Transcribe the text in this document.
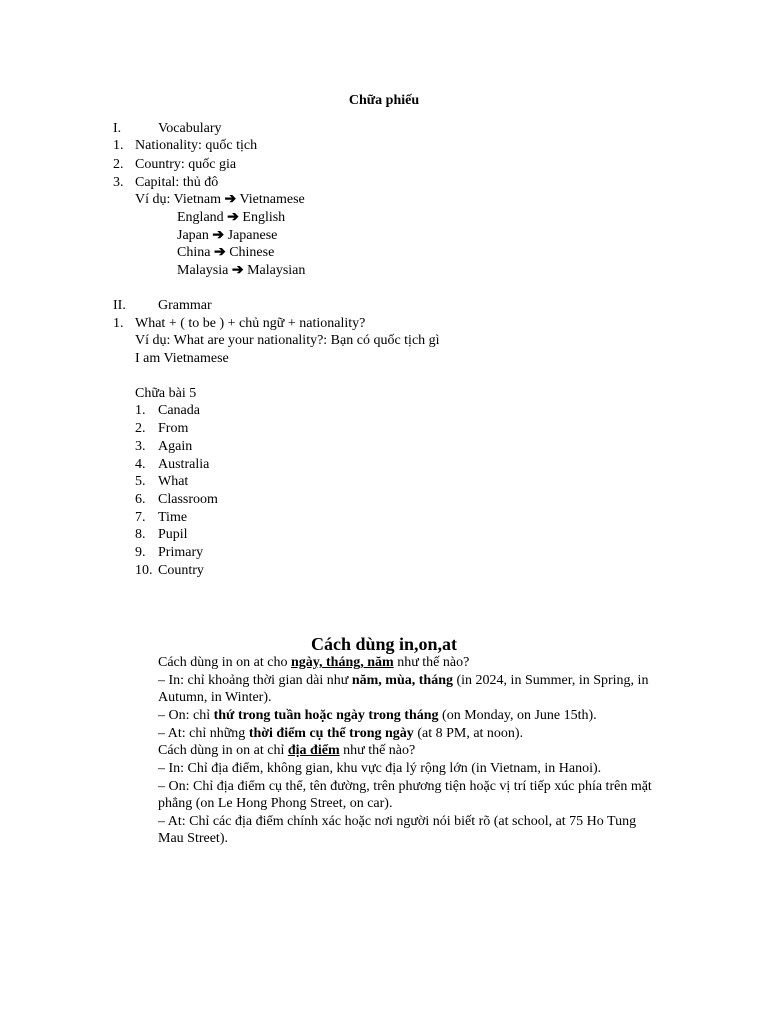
Chữa phiếu
I.	Vocabulary
1. Nationality: quốc tịch
2. Country: quốc gia
3. Capital: thủ đô
Ví dụ: Vietnam ➔ Vietnamese
England ➔ English
Japan ➔ Japanese
China ➔ Chinese
Malaysia ➔ Malaysian
II. Grammar
1. What + ( to be ) + chủ ngữ + nationality?
Ví dụ: What are your nationality?: Bạn có quốc tịch gì
I am Vietnamese
Chữa bài 5
1. Canada
2. From
3. Again
4. Australia
5. What
6. Classroom
7. Time
8. Pupil
9. Primary
10. Country
Cách dùng in,on,at
Cách dùng in on at cho ngày, tháng, năm như thế nào?
– In: chỉ khoảng thời gian dài như năm, mùa, tháng (in 2024, in Summer, in Spring, in Autumn, in Winter).
– On: chỉ thứ trong tuần hoặc ngày trong tháng (on Monday, on June 15th).
– At: chỉ những thời điểm cụ thể trong ngày (at 8 PM, at noon).
Cách dùng in on at chỉ địa điểm như thế nào?
– In: Chỉ địa điểm, không gian, khu vực địa lý rộng lớn (in Vietnam, in Hanoi).
– On: Chỉ địa điểm cụ thể, tên đường, trên phương tiện hoặc vị trí tiếp xúc phía trên mặt phẳng (on Le Hong Phong Street, on car).
– At: Chỉ các địa điểm chính xác hoặc nơi người nói biết rõ (at school, at 75 Ho Tung Mau Street).
